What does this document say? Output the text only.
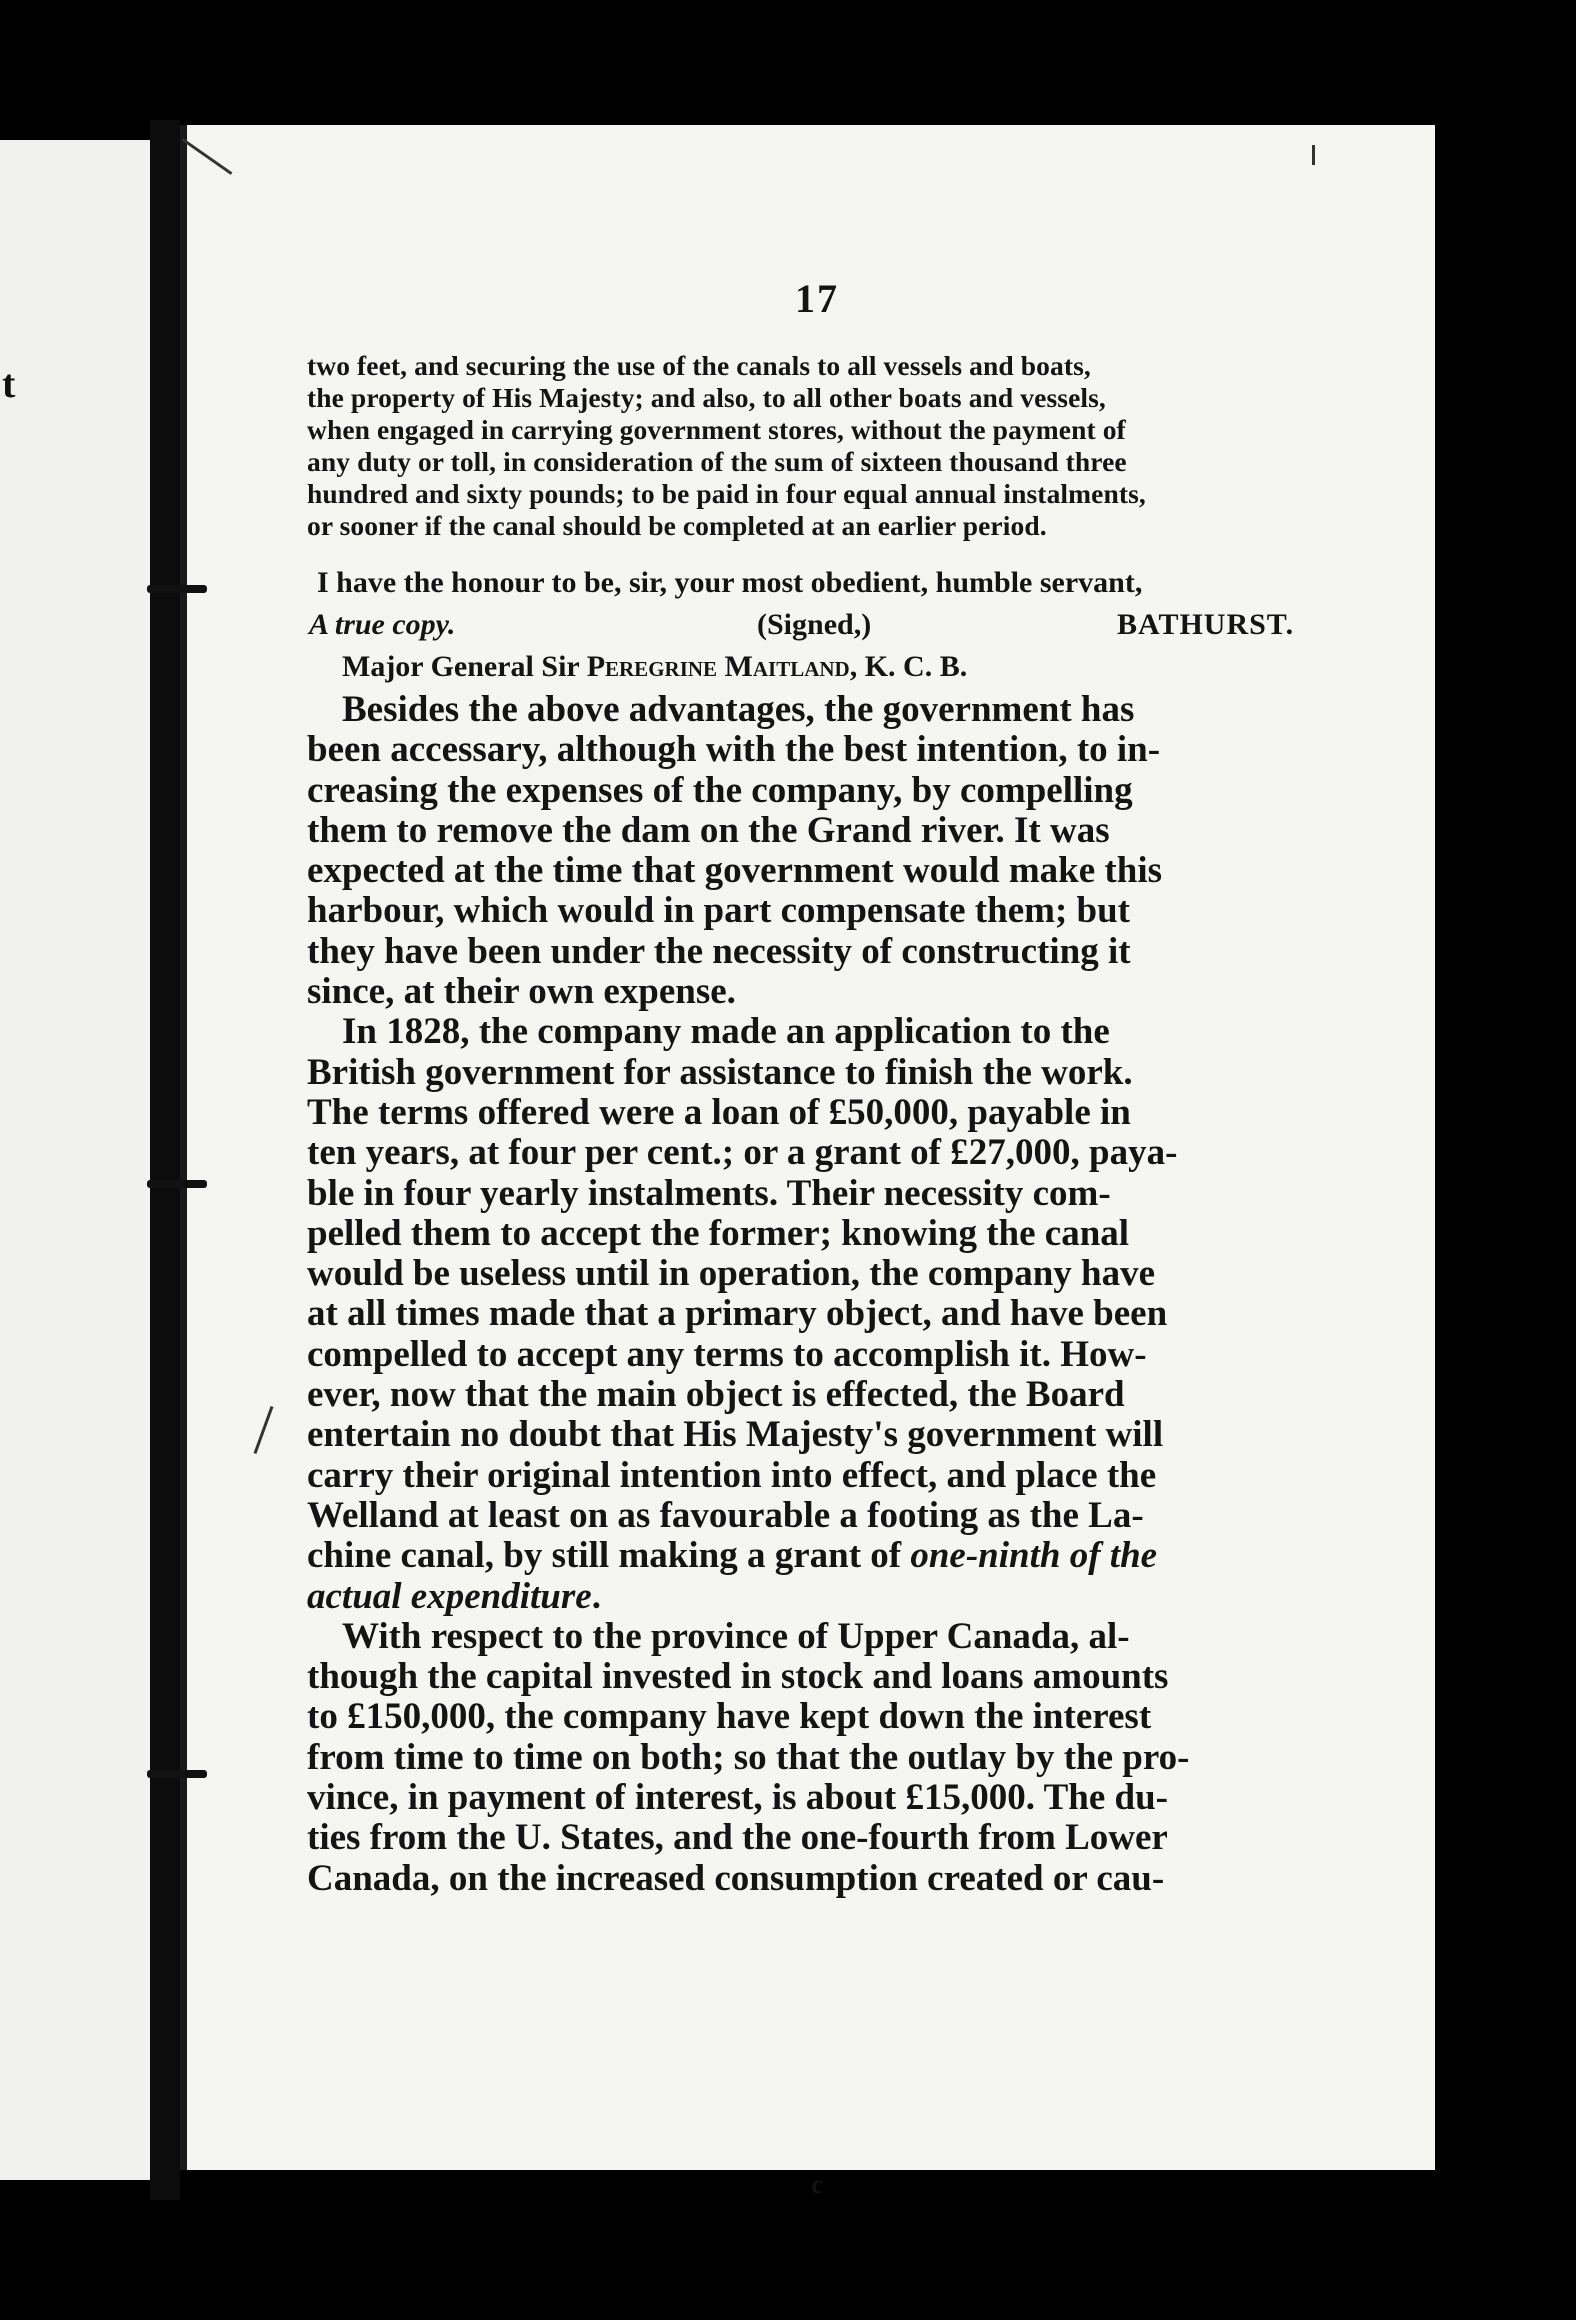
t
17
two feet, and securing the use of the canals to all vessels and boats,
the property of His Majesty; and also, to all other boats and vessels,
when engaged in carrying government stores, without the payment of
any duty or toll, in consideration of the sum of sixteen thousand three
hundred and sixty pounds; to be paid in four equal annual instalments,
or sooner if the canal should be completed at an earlier period.
I have the honour to be, sir, your most obedient, humble servant,
A true copy.	(Signed,)	BATHURST.
Major General Sir Peregrine Maitland, K. C. B.
Besides the above advantages, the government has
been accessary, although with the best intention, to in-
creasing the expenses of the company, by compelling
them to remove the dam on the Grand river. It was
expected at the time that government would make this
harbour, which would in part compensate them; but
they have been under the necessity of constructing it
since, at their own expense.
In 1828, the company made an application to the
British government for assistance to finish the work.
The terms offered were a loan of £50,000, payable in
ten years, at four per cent.; or a grant of £27,000, paya-
ble in four yearly instalments. Their necessity com-
pelled them to accept the former; knowing the canal
would be useless until in operation, the company have
at all times made that a primary object, and have been
compelled to accept any terms to accomplish it. How-
ever, now that the main object is effected, the Board
entertain no doubt that His Majesty's government will
carry their original intention into effect, and place the
Welland at least on as favourable a footing as the La-
chine canal, by still making a grant of one-ninth of the
actual expenditure.
With respect to the province of Upper Canada, al-
though the capital invested in stock and loans amounts
to £150,000, the company have kept down the interest
from time to time on both; so that the outlay by the pro-
vince, in payment of interest, is about £15,000. The du-
ties from the U. States, and the one-fourth from Lower
Canada, on the increased consumption created or cau-
c
